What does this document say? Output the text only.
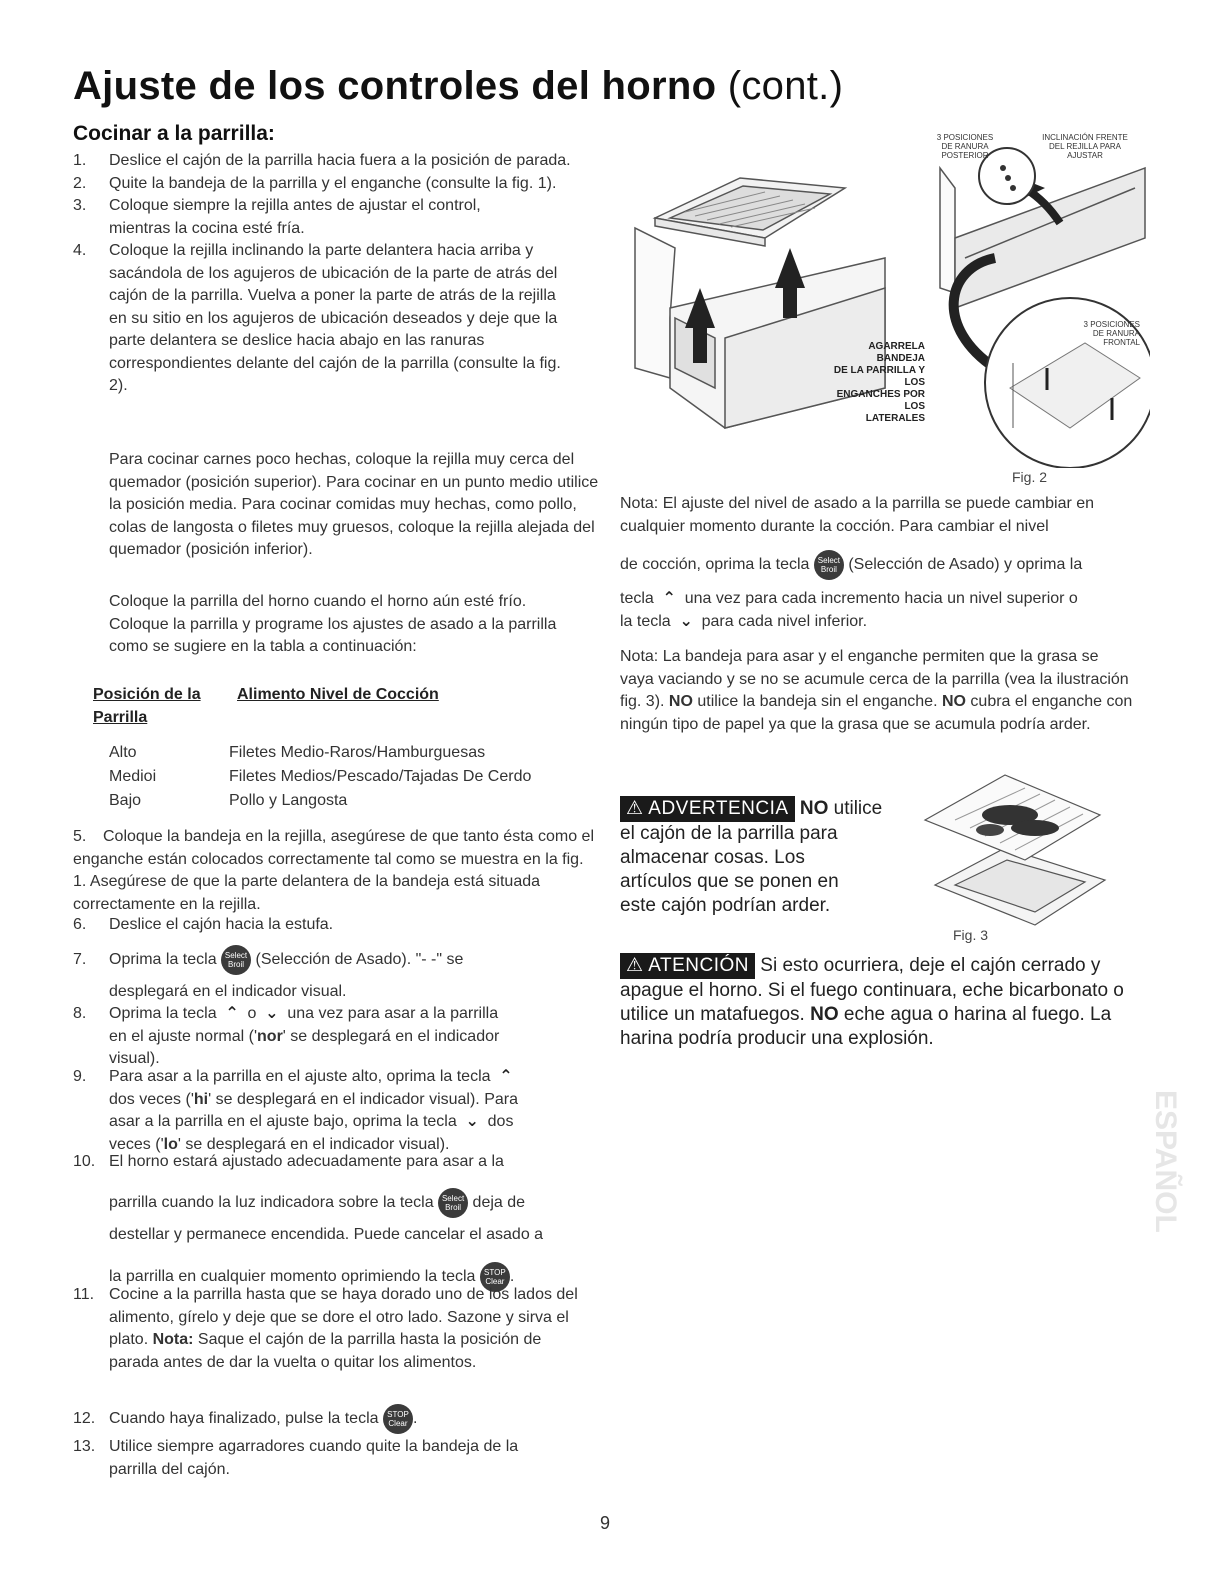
Ajuste de los controles del horno (cont.)
Cocinar a la parrilla:
1.	Deslice el cajón de la parrilla hacia fuera a la posición de parada.
2.	Quite la bandeja de la parrilla y el enganche (consulte la fig. 1).
3.	Coloque siempre la rejilla antes de ajustar el control, mientras la cocina esté fría.
4.	Coloque la rejilla inclinando la parte delantera hacia arriba y sacándola de los agujeros de ubicación de la parte de atrás del cajón de la parrilla. Vuelva a poner la parte de atrás de la rejilla en su sitio en los agujeros de ubicación deseados y deje que la parte delantera se deslice hacia abajo en las ranuras correspondientes delante del cajón de la parrilla (consulte la fig. 2).

Para cocinar carnes poco hechas, coloque la rejilla muy cerca del quemador (posición superior). Para cocinar en un punto medio utilice la posición media. Para cocinar comidas muy hechas, como pollo, colas de langosta o filetes muy gruesos, coloque la rejilla alejada del quemador (posición inferior).

Coloque la parrilla del horno cuando el horno aún esté frío. Coloque la parrilla y programe los ajustes de asado a la parrilla como se sugiere en la tabla a continuación:

Posición de la Parrilla
Alimento Nivel de Cocción
Alto	Filetes Medio-Raros/Hamburguesas
Medioi	Filetes Medios/Pescado/Tajadas De Cerdo
Bajo	Pollo y Langosta
5. Coloque la bandeja en la rejilla, asegúrese de que tanto ésta como el enganche están colocados correctamente tal como se muestra en la fig. 1. Asegúrese de que la parte delantera de la bandeja está situada correctamente en la rejilla.
6. Deslice el cajón hacia la estufa.
7. Oprima la tecla Select
Broil (Selección de Asado). "- -" se
desplegará en el indicador visual.
8. Oprima la tecla ⌃ o ⌄ una vez para asar a la parrilla
en el ajuste normal ('nor' se desplegará en el indicador
visual).
9. Para asar a la parrilla en el ajuste alto, oprima la tecla ⌃
dos veces ('hi' se desplegará en el indicador visual). Para
asar a la parrilla en el ajuste bajo, oprima la tecla ⌄ dos
veces ('lo' se desplegará en el indicador visual).
10. El horno estará ajustado adecuadamente para asar a la
parrilla cuando la luz indicadora sobre la tecla Select
Broil deja de
destellar y permanece encendida. Puede cancelar el asado a
la parrilla en cualquier momento oprimiendo la tecla STOP
Clear .
11. Cocine a la parrilla hasta que se haya dorado uno de los lados del alimento, gírelo y deje que se dore el otro lado. Sazone y sirva el plato. Nota: Saque el cajón de la parrilla hasta la posición de parada antes de dar la vuelta o quitar los alimentos.
12. Cuando haya finalizado, pulse la tecla STOP
Clear .
13. Utilice siempre agarradores cuando quite la bandeja de la parrilla del cajón.
AGARRELA
BANDEJA
DE LA PARRILLA Y
LOS
ENGANCHES POR
LOS
LATERALES
3 POSICIONES
DE RANURA
POSTERIOR
INCLINACIÓN FRENTE
DEL REJILLA PARA
AJUSTAR
3 POSICIONES
DE RANURA
FRONTAL
Fig. 2
Nota: El ajuste del nivel de asado a la parrilla se puede cambiar en cualquier momento durante la cocción. Para cambiar el nivel
de cocción, oprima la tecla Select
Broil (Selección de Asado) y oprima la
tecla ⌃ una vez para cada incremento hacia un nivel superior o
la tecla ⌄ para cada nivel inferior.
Nota: La bandeja para asar y el enganche permiten que la grasa se vaya vaciando y se no se acumule cerca de la parrilla (vea la ilustración fig. 3). NO utilice la bandeja sin el enganche. NO cubra el enganche con ningún tipo de papel ya que la grasa que se acumula podría arder.
⚠ ADVERTENCIA NO utilice
el cajón de la parrilla para
almacenar cosas. Los
artículos que se ponen en
este cajón podrían arder.
Fig. 3
⚠ ATENCIÓN Si esto ocurriera, deje el cajón cerrado y apague el horno. Si el fuego continuara, eche bicarbonato o utilice un matafuegos. NO eche agua o harina al fuego. La harina podría producir una explosión.
ESPAÑOL
9
